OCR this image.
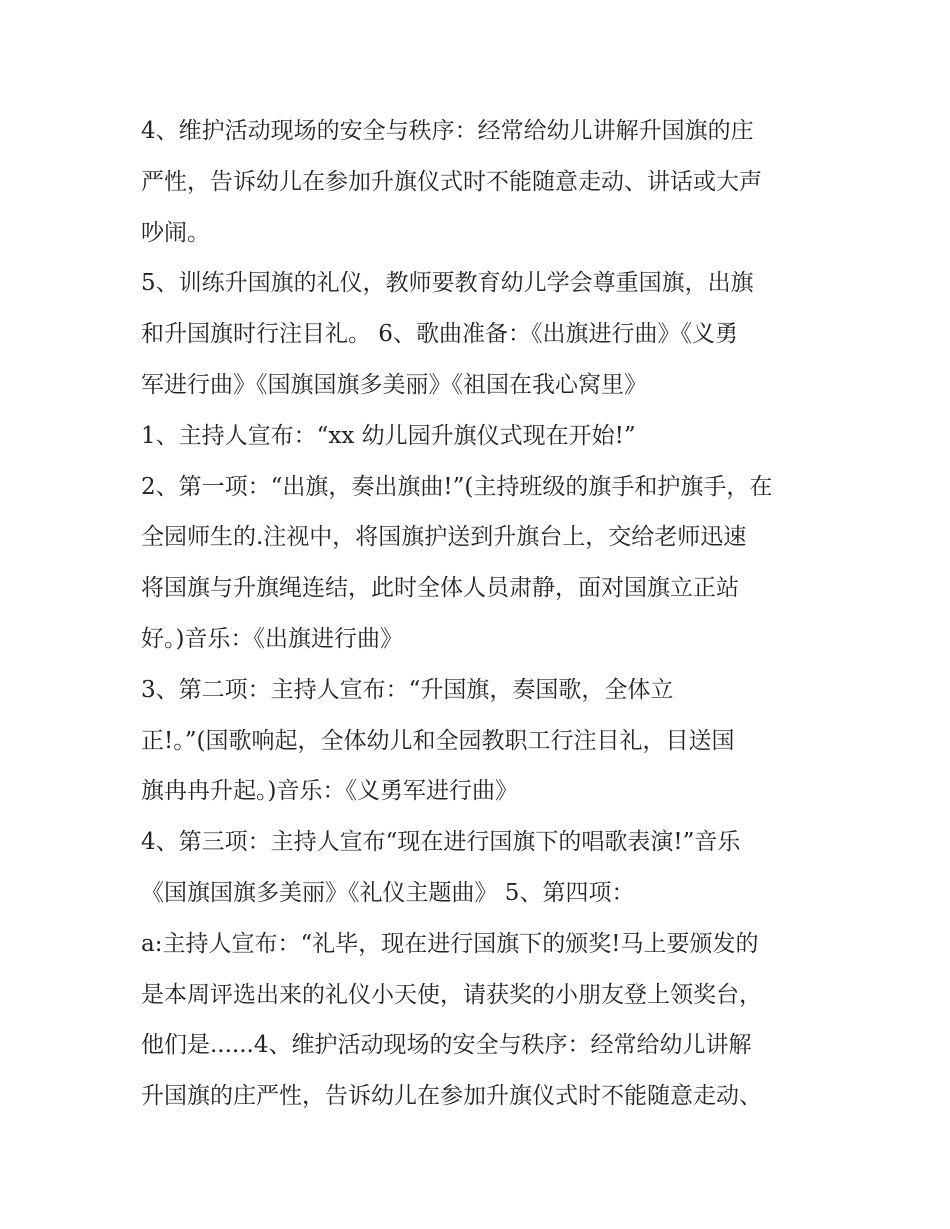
4、维护活动现场的安全与秩序：经常给幼儿讲解升国旗的庄
严性，告诉幼儿在参加升旗仪式时不能随意走动、讲话或大声
吵闹。
5、训练升国旗的礼仪，教师要教育幼儿学会尊重国旗，出旗
和升国旗时行注目礼。 6、歌曲准备：《出旗进行曲》《义勇
军进行曲》《国旗国旗多美丽》《祖国在我心窝里》
1、主持人宣布：“xx 幼儿园升旗仪式现在开始!”
2、第一项：“出旗，奏出旗曲!”(主持班级的旗手和护旗手，在
全园师生的.注视中，将国旗护送到升旗台上，交给老师迅速
将国旗与升旗绳连结，此时全体人员肃静，面对国旗立正站
好。)音乐：《出旗进行曲》
3、第二项：主持人宣布：“升国旗，奏国歌，全体立
正!。”(国歌响起，全体幼儿和全园教职工行注目礼，目送国
旗冉冉升起。)音乐：《义勇军进行曲》
4、第三项：主持人宣布“现在进行国旗下的唱歌表演!”音乐
《国旗国旗多美丽》《礼仪主题曲》 5、第四项：
a:主持人宣布：“礼毕，现在进行国旗下的颁奖!马上要颁发的
是本周评选出来的礼仪小天使，请获奖的小朋友登上领奖台，
他们是......4、维护活动现场的安全与秩序：经常给幼儿讲解
升国旗的庄严性，告诉幼儿在参加升旗仪式时不能随意走动、
